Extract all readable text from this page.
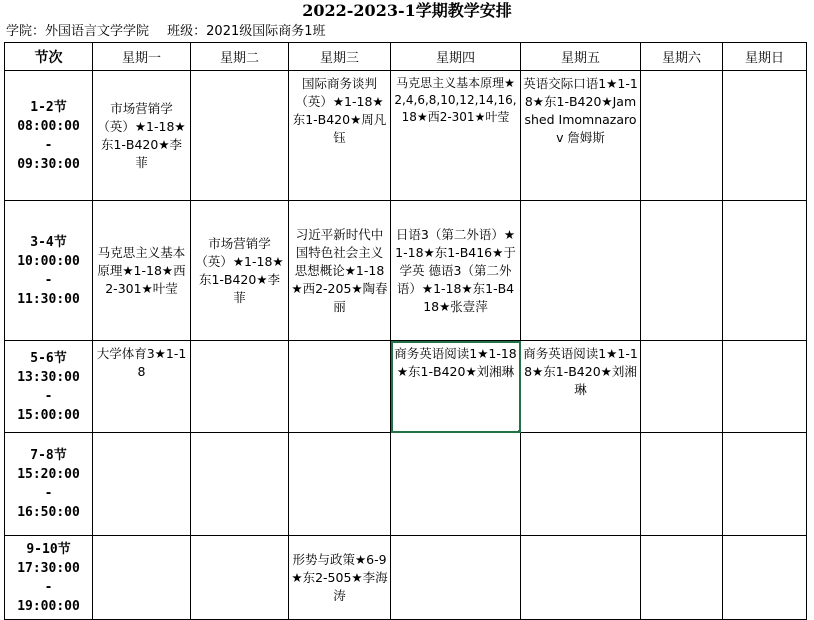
2022-2023-1学期教学安排
学院：外国语言文学学院 班级：2021级国际商务1班
节次	星期一	星期二	星期三	星期四	星期五	星期六	星期日

1-2节
08:00:00
-
09:30:00	市场营销学（英）★1-18★东1-B420★李菲		国际商务谈判（英）★1-18★东1-B420★周凡钰	马克思主义基本原理★2,4,6,8,10,12,14,16,18★西2-301★叶莹	英语交际口语1★1-18★东1-B420★Jamshed Imomnazarov 詹姆斯		

3-4节
10:00:00
-
11:30:00	马克思主义基本原理★1-18★西2-301★叶莹	市场营销学（英）★1-18★东1-B420★李菲	习近平新时代中国特色社会主义思想概论★1-18★西2-205★陶春丽	日语3（第二外语）★1-18★东1-B416★于学英 德语3（第二外语）★1-18★东1-B418★张壹萍			

5-6节
13:30:00
-
15:00:00	大学体育3★1-18			商务英语阅读1★1-18★东1-B420★刘湘琳	商务英语阅读1★1-18★东1-B420★刘湘琳		

7-8节
15:20:00
-
16:50:00							

9-10节
17:30:00
-
19:00:00			形势与政策★6-9★东2-505★李海涛				
